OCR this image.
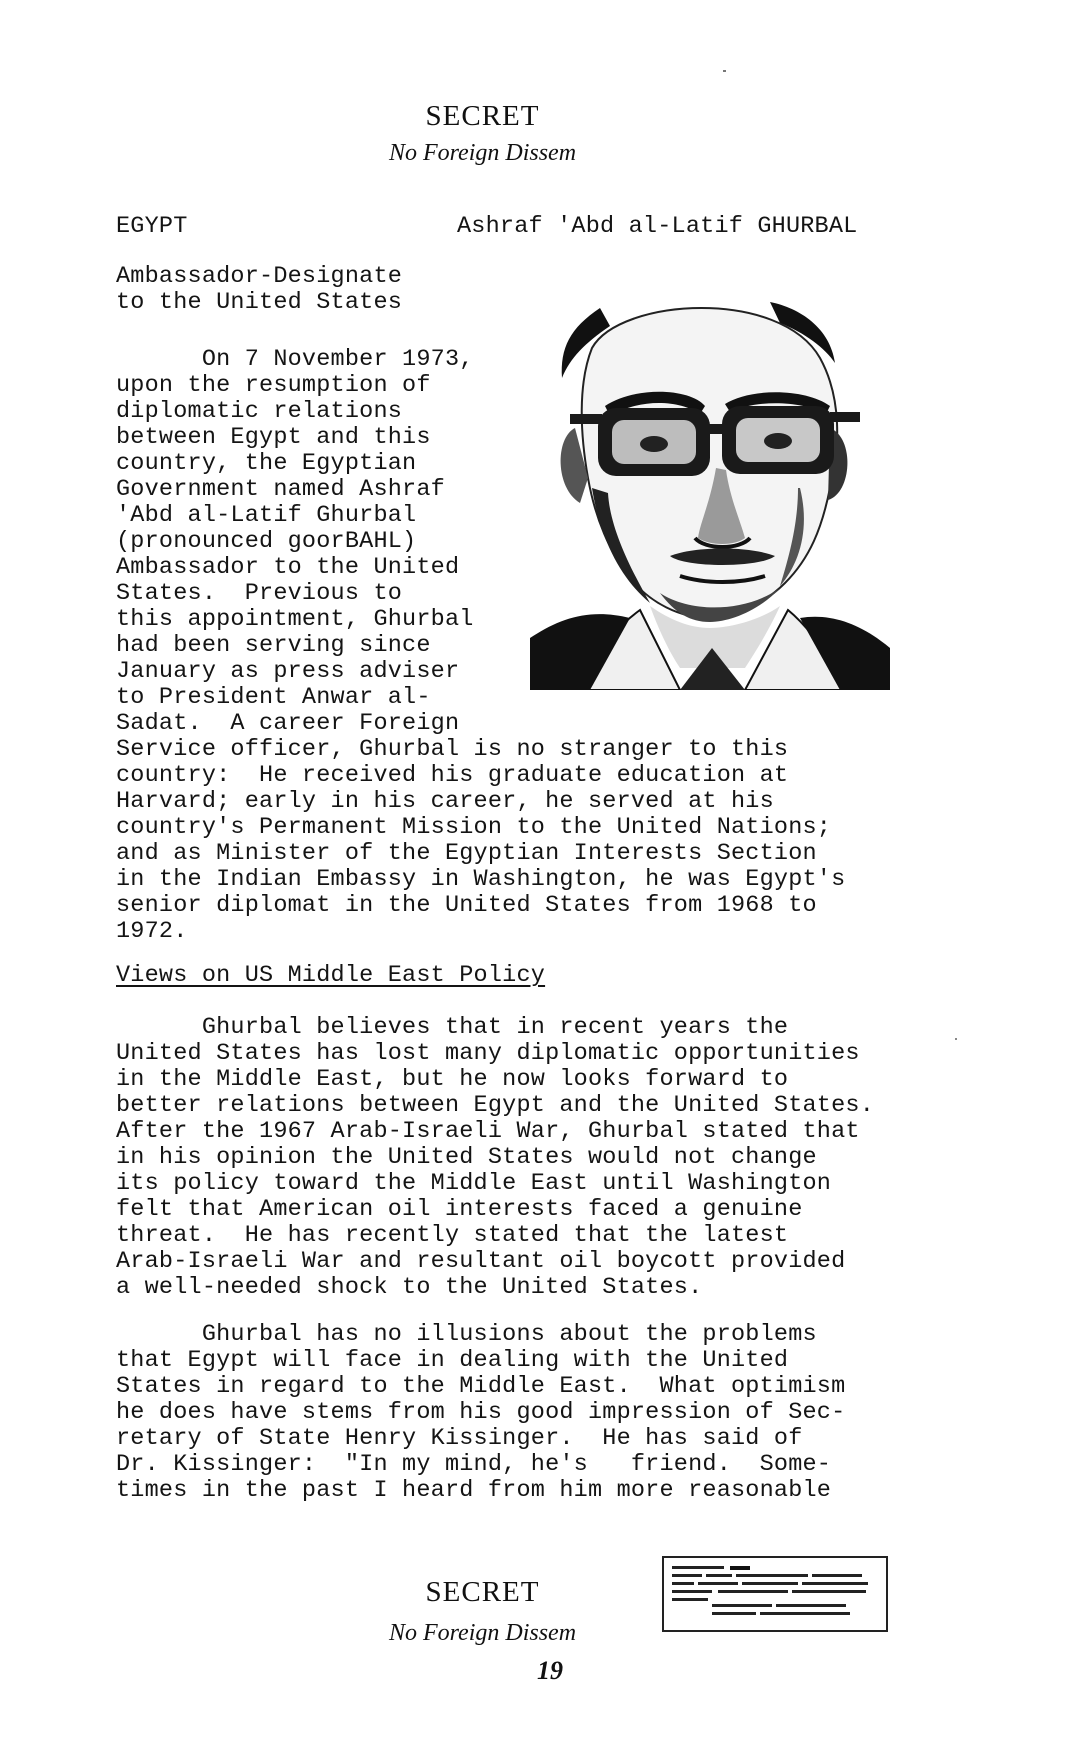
SECRET
No Foreign Dissem
EGYPT	Ashraf 'Abd al-Latif GHURBAL
Ambassador-Designate
to the United States
On 7 November 1973,
upon the resumption of
diplomatic relations
between Egypt and this
country, the Egyptian
Government named Ashraf
'Abd al-Latif Ghurbal
(pronounced goorBAHL)
Ambassador to the United
States.  Previous to
this appointment, Ghurbal
had been serving since
January as press adviser
to President Anwar al-
Sadat.  A career Foreign
Service officer, Ghurbal is no stranger to this
country:  He received his graduate education at
Harvard; early in his career, he served at his
country's Permanent Mission to the United Nations;
and as Minister of the Egyptian Interests Section
in the Indian Embassy in Washington, he was Egypt's
senior diplomat in the United States from 1968 to
1972.
Views on US Middle East Policy
Ghurbal believes that in recent years the
United States has lost many diplomatic opportunities
in the Middle East, but he now looks forward to
better relations between Egypt and the United States.
After the 1967 Arab-Israeli War, Ghurbal stated that
in his opinion the United States would not change
its policy toward the Middle East until Washington
felt that American oil interests faced a genuine
threat.  He has recently stated that the latest
Arab-Israeli War and resultant oil boycott provided
a well-needed shock to the United States.
Ghurbal has no illusions about the problems
that Egypt will face in dealing with the United
States in regard to the Middle East.  What optimism
he does have stems from his good impression of Sec-
retary of State Henry Kissinger.  He has said of
Dr. Kissinger:  "In my mind, he's   friend.  Some-
times in the past I heard from him more reasonable
SECRET
No Foreign Dissem
19
